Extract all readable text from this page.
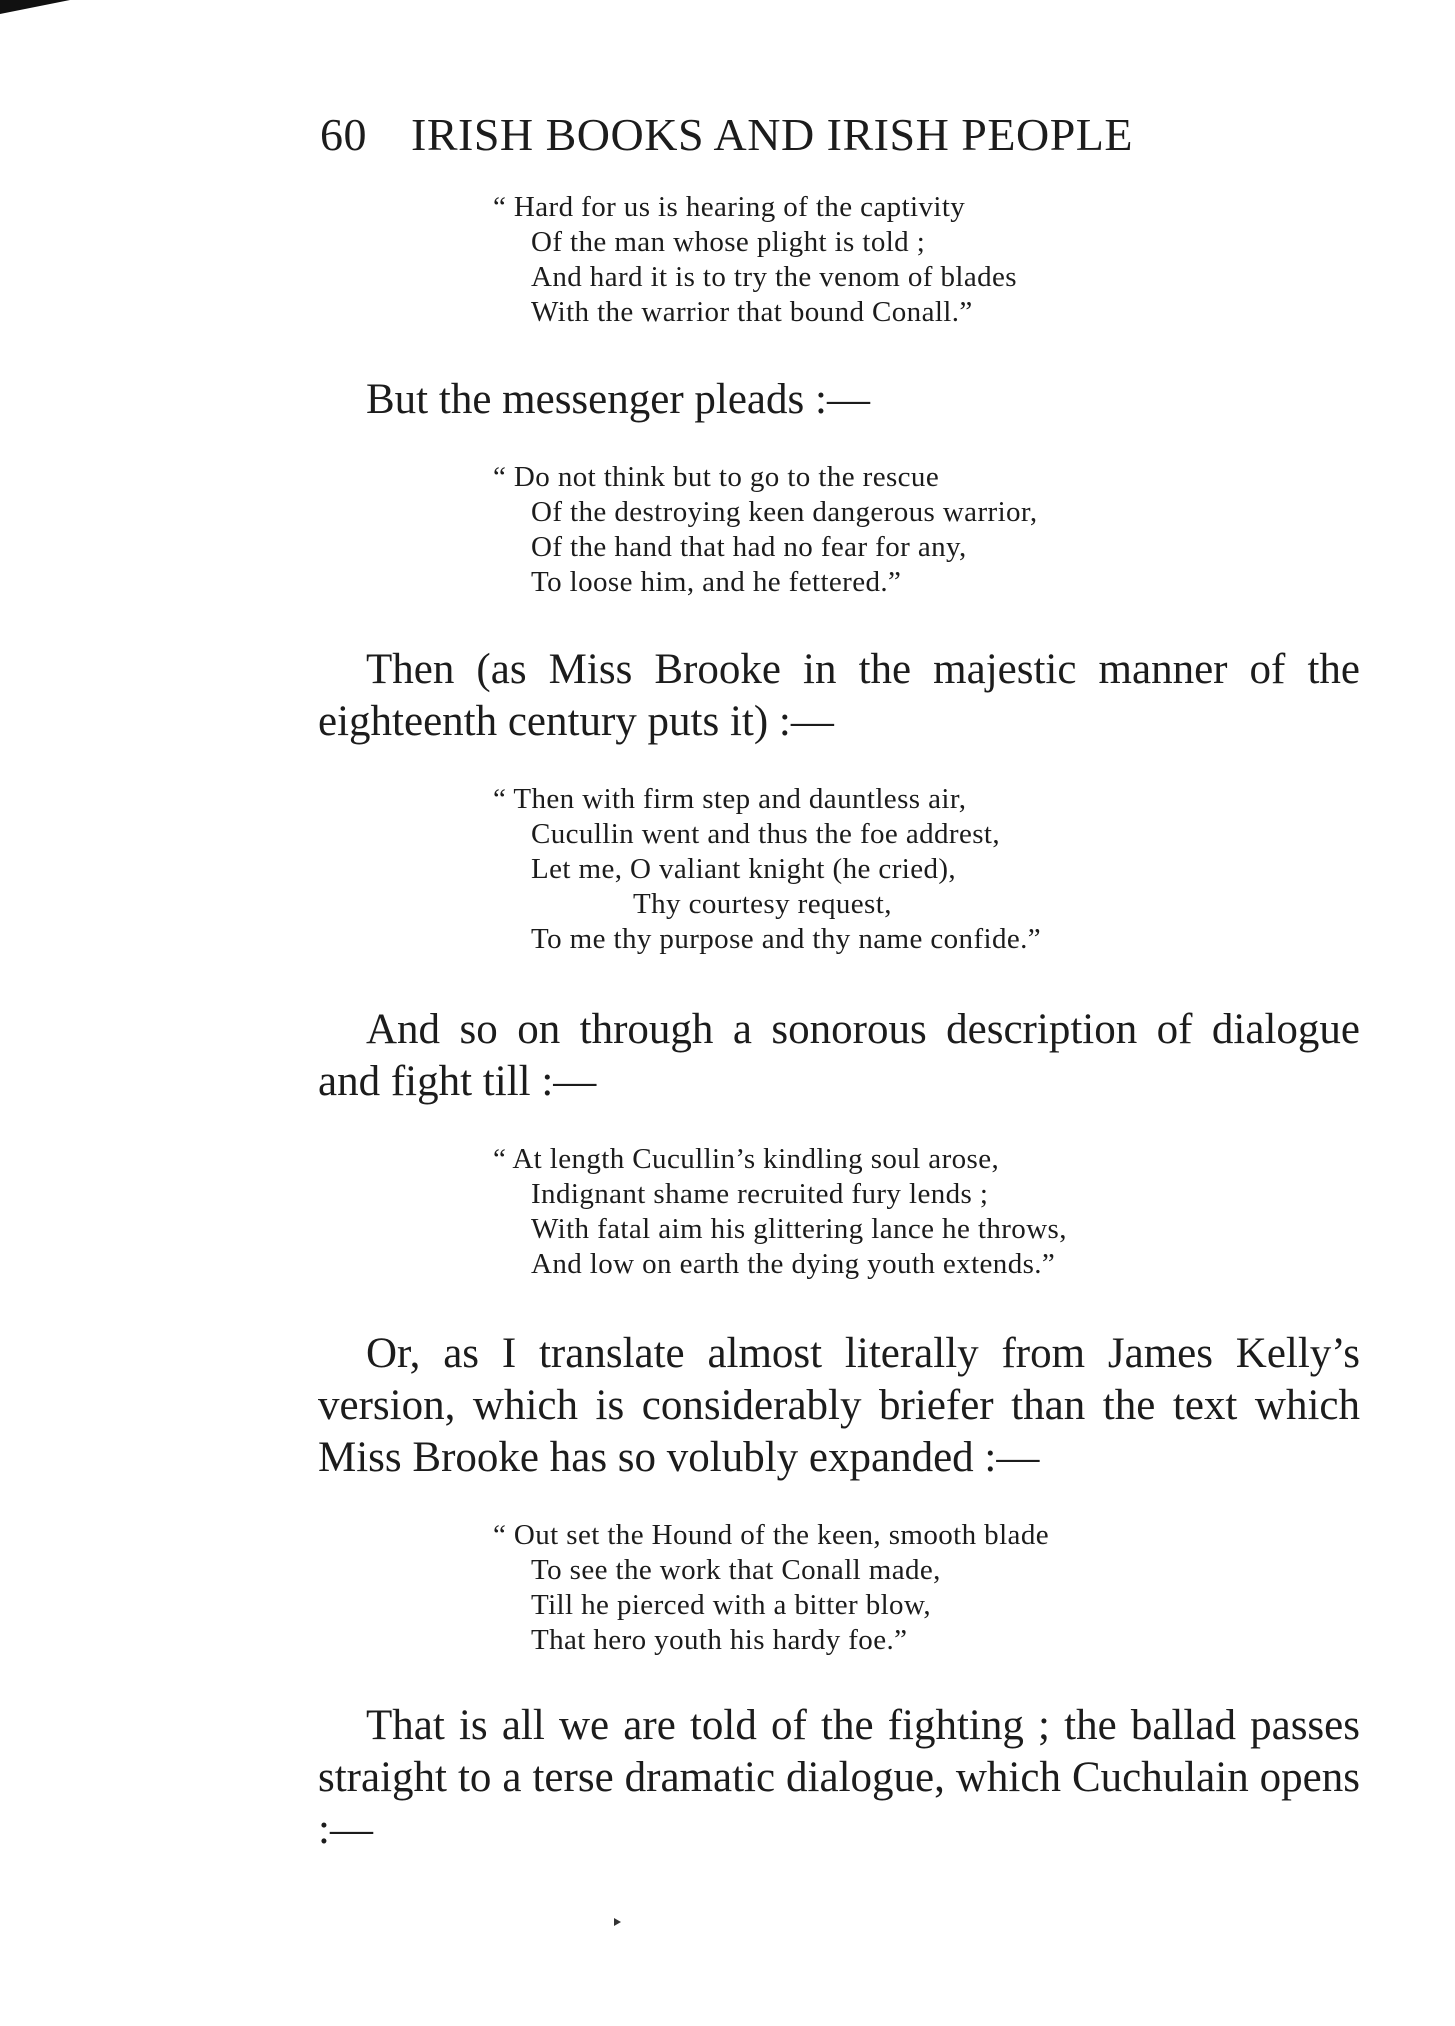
60 IRISH BOOKS AND IRISH PEOPLE
“ Hard for us is hearing of the captivity
Of the man whose plight is told ;
And hard it is to try the venom of blades
With the warrior that bound Conall.”
But the messenger pleads :—
“ Do not think but to go to the rescue
Of the destroying keen dangerous warrior,
Of the hand that had no fear for any,
To loose him, and he fettered.”
Then (as Miss Brooke in the majestic manner of the eighteenth century puts it) :—
“ Then with firm step and dauntless air,
Cucullin went and thus the foe addrest,
Let me, O valiant knight (he cried),
Thy courtesy request,
To me thy purpose and thy name confide.”
And so on through a sonorous description of dialogue and fight till :—
“ At length Cucullin’s kindling soul arose,
Indignant shame recruited fury lends ;
With fatal aim his glittering lance he throws,
And low on earth the dying youth extends.”
Or, as I translate almost literally from James Kelly’s version, which is considerably briefer than the text which Miss Brooke has so volubly expanded :—
“ Out set the Hound of the keen, smooth blade
To see the work that Conall made,
Till he pierced with a bitter blow,
That hero youth his hardy foe.”
That is all we are told of the fighting ; the ballad passes straight to a terse dramatic dialogue, which Cuchulain opens :—
